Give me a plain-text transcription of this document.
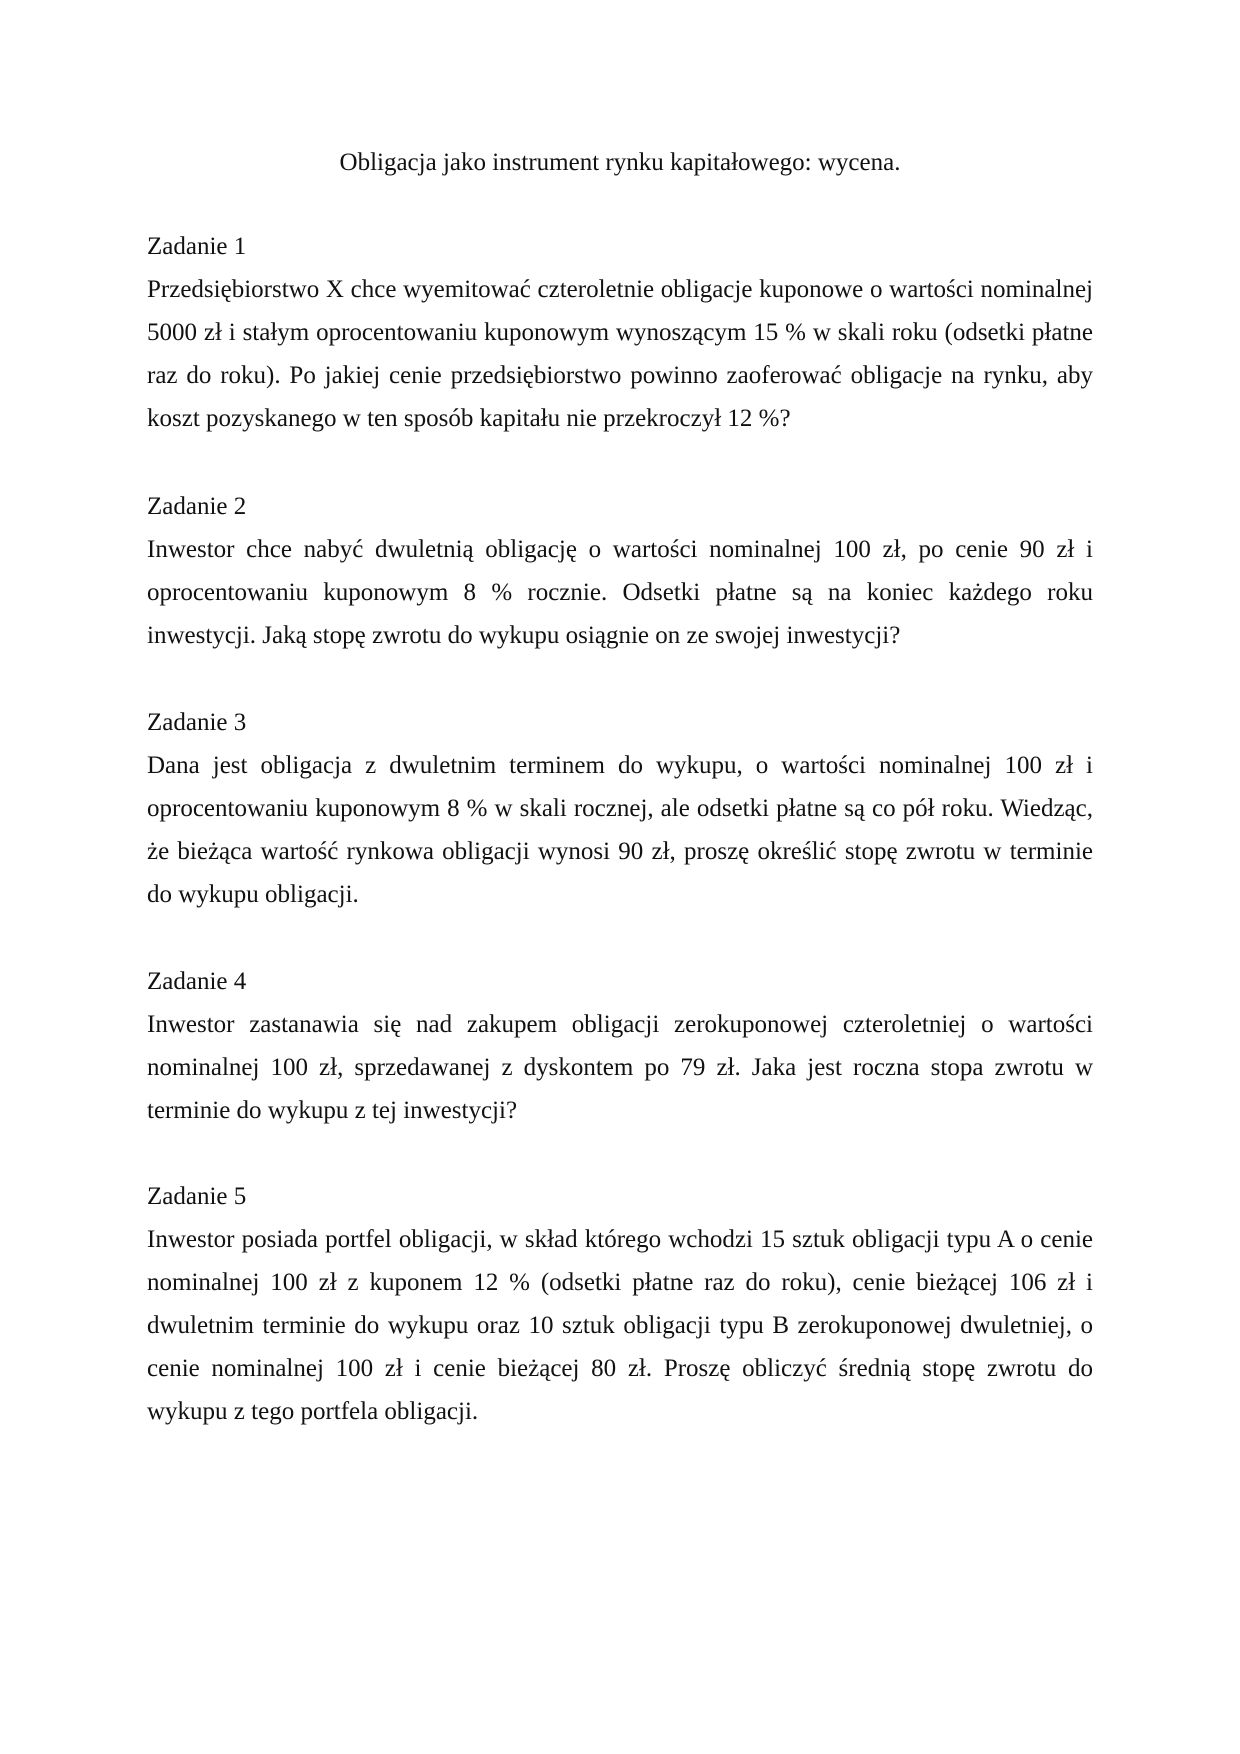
Obligacja jako instrument rynku kapitałowego: wycena.
Zadanie 1

Przedsiębiorstwo X chce wyemitować czteroletnie obligacje kuponowe o wartości nominalnej 5000 zł i stałym oprocentowaniu kuponowym wynoszącym 15 % w skali roku (odsetki płatne raz do roku). Po jakiej cenie przedsiębiorstwo powinno zaoferować obligacje na rynku, aby koszt pozyskanego w ten sposób kapitału nie przekroczył 12 %?

Zadanie 2

Inwestor chce nabyć dwuletnią obligację o wartości nominalnej 100 zł, po cenie 90 zł i oprocentowaniu kuponowym 8 % rocznie. Odsetki płatne są na koniec każdego roku inwestycji. Jaką stopę zwrotu do wykupu osiągnie on ze swojej inwestycji?

Zadanie 3

Dana jest obligacja z dwuletnim terminem do wykupu, o wartości nominalnej 100 zł i oprocentowaniu kuponowym 8 % w skali rocznej, ale odsetki płatne są co pół roku. Wiedząc, że bieżąca wartość rynkowa obligacji wynosi 90 zł, proszę określić stopę zwrotu w terminie do wykupu obligacji.

Zadanie 4

Inwestor zastanawia się nad zakupem obligacji zerokuponowej czteroletniej o wartości nominalnej 100 zł, sprzedawanej z dyskontem po 79 zł. Jaka jest roczna stopa zwrotu w terminie do wykupu z tej inwestycji?

Zadanie 5

Inwestor posiada portfel obligacji, w skład którego wchodzi 15 sztuk obligacji typu A o cenie nominalnej 100 zł z kuponem 12 % (odsetki płatne raz do roku), cenie bieżącej 106 zł i dwuletnim terminie do wykupu oraz 10 sztuk obligacji typu B zerokuponowej dwuletniej, o cenie nominalnej 100 zł i cenie bieżącej 80 zł. Proszę obliczyć średnią stopę zwrotu do wykupu z tego portfela obligacji.
